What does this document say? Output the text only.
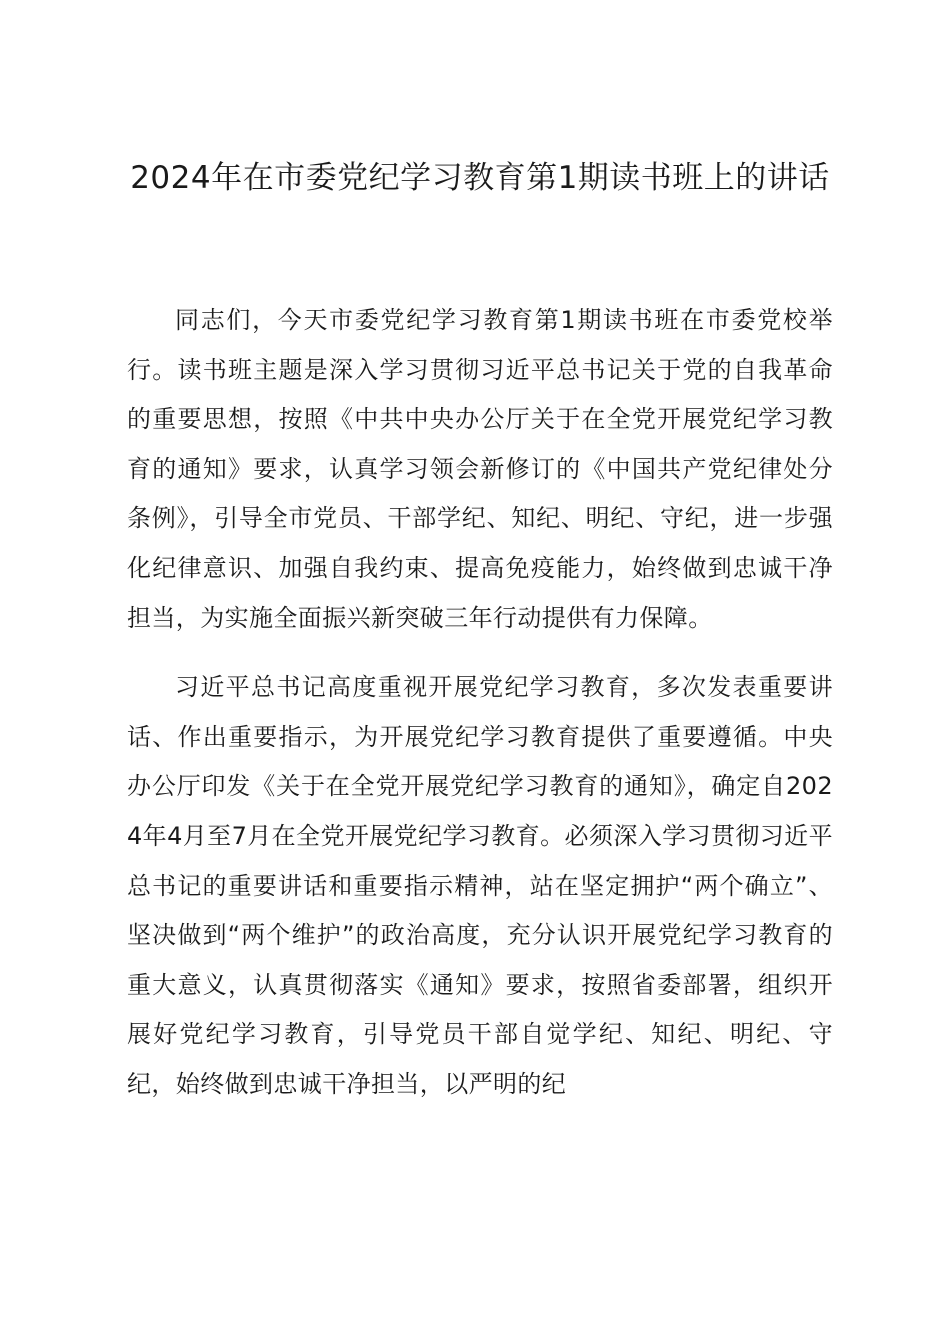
2024年在市委党纪学习教育第1期读书班上的讲话

同志们，今天市委党纪学习教育第1期读书班在市委党校举行。读书班主题是深入学习贯彻习近平总书记关于党的自我革命的重要思想，按照《中共中央办公厅关于在全党开展党纪学习教育的通知》要求，认真学习领会新修订的《中国共产党纪律处分条例》，引导全市党员、干部学纪、知纪、明纪、守纪，进一步强化纪律意识、加强自我约束、提高免疫能力，始终做到忠诚干净担当，为实施全面振兴新突破三年行动提供有力保障。

习近平总书记高度重视开展党纪学习教育，多次发表重要讲话、作出重要指示，为开展党纪学习教育提供了重要遵循。中央办公厅印发《关于在全党开展党纪学习教育的通知》，确定自2024年4月至7月在全党开展党纪学习教育。必须深入学习贯彻习近平总书记的重要讲话和重要指示精神，站在坚定拥护“两个确立”、坚决做到“两个维护”的政治高度，充分认识开展党纪学习教育的重大意义，认真贯彻落实《通知》要求，按照省委部署，组织开展好党纪学习教育，引导党员干部自觉学纪、知纪、明纪、守纪，始终做到忠诚干净担当，以严明的纪
